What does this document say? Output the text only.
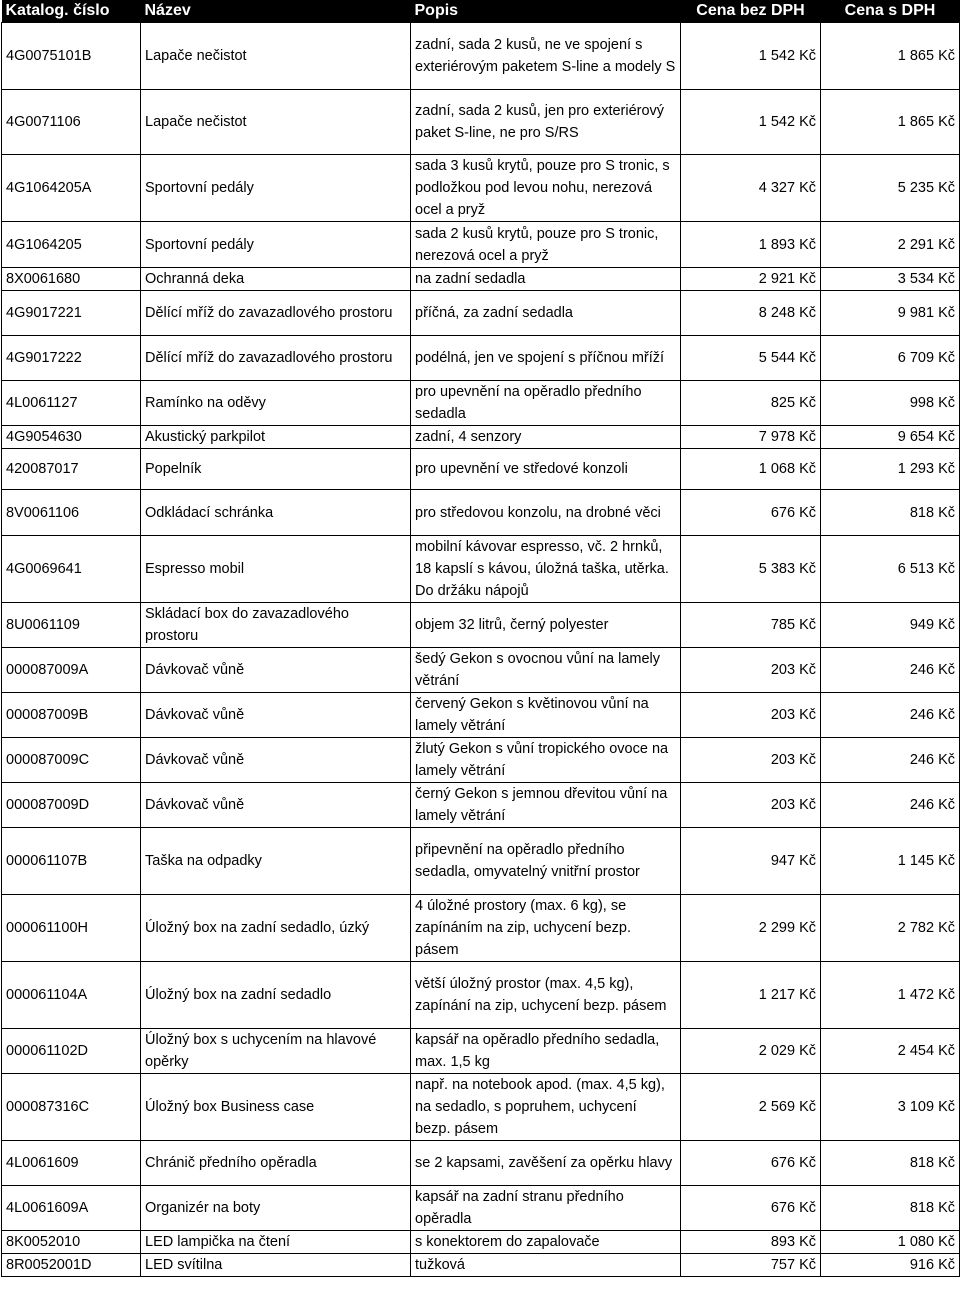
Katalog. číslo	Název	Popis	Cena bez DPH	Cena s DPH
4G0075101B	Lapače nečistot	zadní, sada 2 kusů, ne ve spojení s exteriérovým paketem S-line a modely S	1 542 Kč	1 865 Kč
4G0071106	Lapače nečistot	zadní, sada 2 kusů, jen pro exteriérový paket S-line, ne pro S/RS	1 542 Kč	1 865 Kč
4G1064205A	Sportovní pedály	sada 3 kusů krytů, pouze pro S tronic, s podložkou pod levou nohu, nerezová ocel a pryž	4 327 Kč	5 235 Kč
4G1064205	Sportovní pedály	sada 2 kusů krytů, pouze pro S tronic, nerezová ocel a pryž	1 893 Kč	2 291 Kč
8X0061680	Ochranná deka	na zadní sedadla	2 921 Kč	3 534 Kč
4G9017221	Dělící mříž do zavazadlového prostoru	příčná, za zadní sedadla	8 248 Kč	9 981 Kč
4G9017222	Dělící mříž do zavazadlového prostoru	podélná, jen ve spojení s příčnou mříží	5 544 Kč	6 709 Kč
4L0061127	Ramínko na oděvy	pro upevnění na opěradlo předního sedadla	825 Kč	998 Kč
4G9054630	Akustický parkpilot	zadní, 4 senzory	7 978 Kč	9 654 Kč
420087017	Popelník	pro upevnění ve středové konzoli	1 068 Kč	1 293 Kč
8V0061106	Odkládací schránka	pro středovou konzolu, na drobné věci	676 Kč	818 Kč
4G0069641	Espresso mobil	mobilní kávovar espresso, vč. 2 hrnků, 18 kapslí s kávou, úložná taška, utěrka. Do držáku nápojů	5 383 Kč	6 513 Kč
8U0061109	Skládací box do zavazadlového prostoru	objem 32 litrů, černý polyester	785 Kč	949 Kč
000087009A	Dávkovač vůně	šedý Gekon s ovocnou vůní na lamely větrání	203 Kč	246 Kč
000087009B	Dávkovač vůně	červený Gekon s květinovou vůní na lamely větrání	203 Kč	246 Kč
000087009C	Dávkovač vůně	žlutý Gekon s vůní tropického ovoce na lamely větrání	203 Kč	246 Kč
000087009D	Dávkovač vůně	černý Gekon s jemnou dřevitou vůní na lamely větrání	203 Kč	246 Kč
000061107B	Taška na odpadky	připevnění na opěradlo předního sedadla, omyvatelný vnitřní prostor	947 Kč	1 145 Kč
000061100H	Úložný box na zadní sedadlo, úzký	4 úložné prostory (max. 6 kg), se zapínáním na zip, uchycení bezp. pásem	2 299 Kč	2 782 Kč
000061104A	Úložný box na zadní sedadlo	větší úložný prostor (max. 4,5 kg), zapínání na zip, uchycení bezp. pásem	1 217 Kč	1 472 Kč
000061102D	Úložný box s uchycením na hlavové opěrky	kapsář na opěradlo předního sedadla, max. 1,5 kg	2 029 Kč	2 454 Kč
000087316C	Úložný box Business case	např. na notebook apod. (max. 4,5 kg), na sedadlo, s popruhem, uchycení bezp. pásem	2 569 Kč	3 109 Kč
4L0061609	Chránič předního opěradla	se 2 kapsami, zavěšení za opěrku hlavy	676 Kč	818 Kč
4L0061609A	Organizér na boty	kapsář na zadní stranu předního opěradla	676 Kč	818 Kč
8K0052010	LED lampička na čtení	s konektorem do zapalovače	893 Kč	1 080 Kč
8R0052001D	LED svítilna	tužková	757 Kč	916 Kč
